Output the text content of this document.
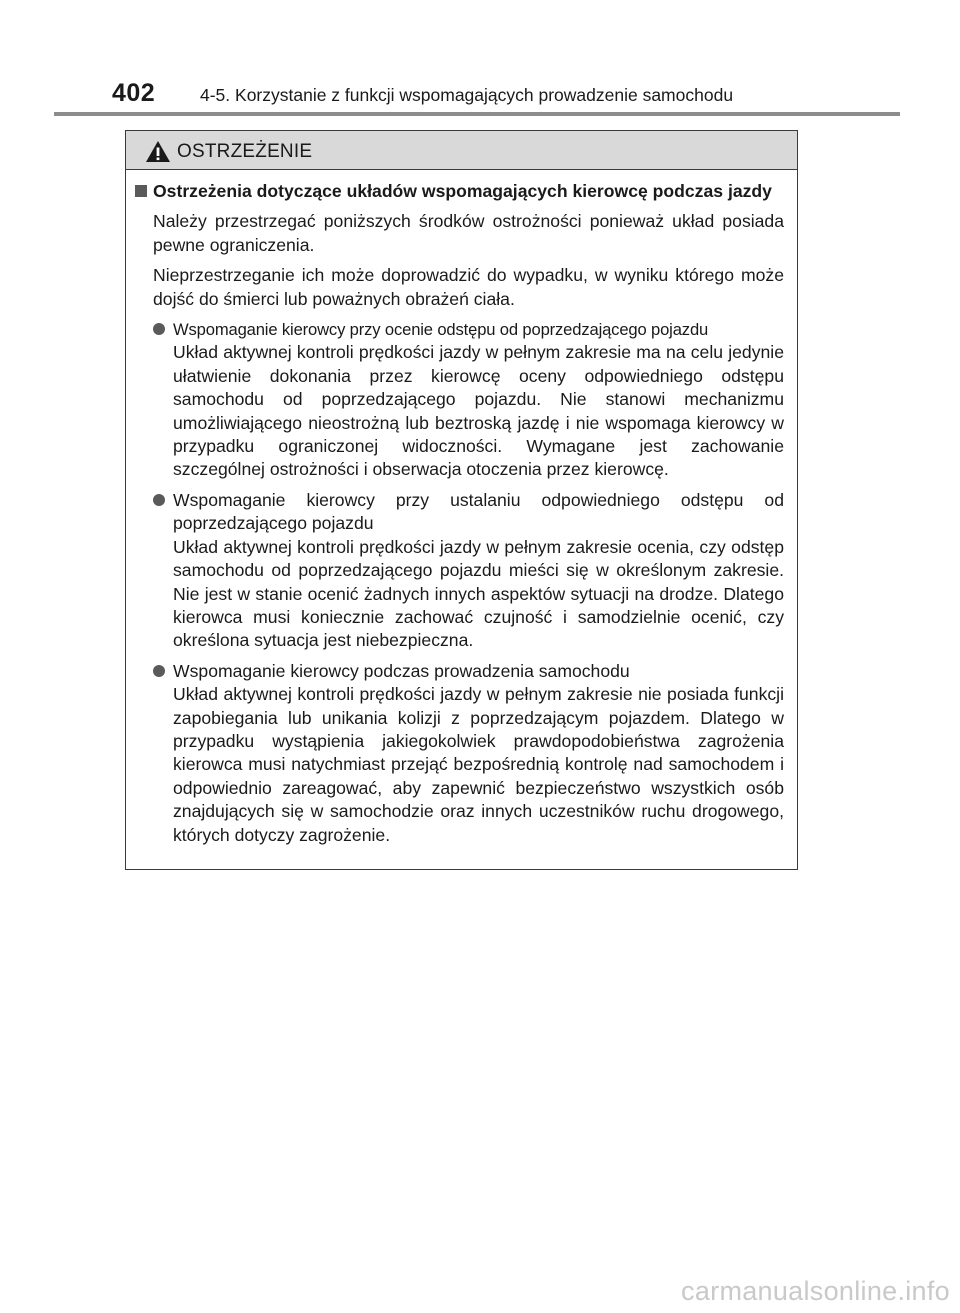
402	4-5. Korzystanie z funkcji wspomagających prowadzenie samochodu
OSTRZEŻENIE
Ostrzeżenia dotyczące układów wspomagających kierowcę podczas jazdy

Należy przestrzegać poniższych środków ostrożności ponieważ układ posiada pewne ograniczenia.

Nieprzestrzeganie ich może doprowadzić do wypadku, w wyniku którego może dojść do śmierci lub poważnych obrażeń ciała.

Wspomaganie kierowcy przy ocenie odstępu od poprzedzającego pojazdu
Układ aktywnej kontroli prędkości jazdy w pełnym zakresie ma na celu jedynie ułatwienie dokonania przez kierowcę oceny odpowiedniego odstępu samochodu od poprzedzającego pojazdu. Nie stanowi mechanizmu umożliwiającego nieostrożną lub beztroską jazdę i nie wspomaga kierowcy w przypadku ograniczonej widoczności. Wymagane jest zachowanie szczególnej ostrożności i obserwacja otoczenia przez kierowcę.
Wspomaganie kierowcy przy ustalaniu odpowiedniego odstępu od poprzedzającego pojazdu
Układ aktywnej kontroli prędkości jazdy w pełnym zakresie ocenia, czy odstęp samochodu od poprzedzającego pojazdu mieści się w określonym zakresie. Nie jest w stanie ocenić żadnych innych aspektów sytuacji na drodze. Dlatego kierowca musi koniecznie zachować czujność i samodzielnie ocenić, czy określona sytuacja jest niebezpieczna.
Wspomaganie kierowcy podczas prowadzenia samochodu
Układ aktywnej kontroli prędkości jazdy w pełnym zakresie nie posiada funkcji zapobiegania lub unikania kolizji z poprzedzającym pojazdem. Dlatego w przypadku wystąpienia jakiegokolwiek prawdopodobieństwa zagrożenia kierowca musi natychmiast przejąć bezpośrednią kontrolę nad samochodem i odpowiednio zareagować, aby zapewnić bezpieczeństwo wszystkich osób znajdujących się w samochodzie oraz innych uczestników ruchu drogowego, których dotyczy zagrożenie.
carmanualsonline.info
